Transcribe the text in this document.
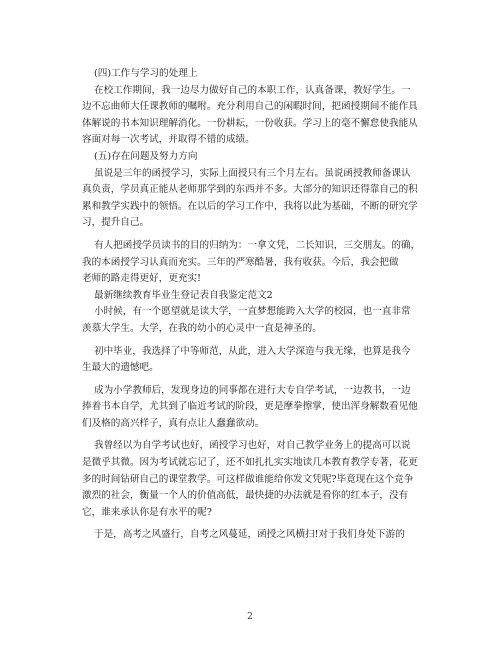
(四)工作与学习的处理上
在校工作期间，我一边尽力做好自己的本职工作，认真备课，教好学生。一
边不忘曲师大任课教师的嘱咐。充分利用自己的闲暇时间，把函授期间不能作具
体解说的书本知识理解消化。一份耕耘，一份收获。学习上的毫不懈怠使我能从
容面对每一次考试，并取得不错的成绩。
(五)存在问题及努力方向
虽说是三年的函授学习，实际上面授只有三个月左右。虽说函授教师备课认
真负责，学员真正能从老师那学到的东西并不多。大部分的知识还得靠自己的积
累和教学实践中的领悟。在以后的学习工作中，我将以此为基础，不断的研究学
习，提升自己。
有人把函授学员读书的目的归纳为：一拿文凭，二长知识，三交朋友。的确，
我的本函授学习认真而充实。三年的严寒酷暑，我有收获。今后，我会把做
老师的路走得更好，更充实!
最新继续教育毕业生登记表自我鉴定范文2
小时候，有一个愿望就是读大学，一直梦想能跨入大学的校园，也一直非常
羡慕大学生。大学，在我的幼小的心灵中一直是神圣的。
初中毕业，我选择了中等师范，从此，进入大学深造与我无缘，也算是我今
生最大的遗憾吧。
成为小学教师后，发现身边的同事都在进行大专自学考试，一边教书，一边
捧着书本自学，尤其到了临近考试的阶段，更是摩拳擦掌，使出浑身解数看见他
们及格的高兴样子，真有点让人蠢蠢欲动。
我曾经以为自学考试也好，函授学习也好，对自己教学业务上的提高可以说
是微乎其微。因为考试就忘记了，还不如扎扎实实地读几本教育教学专著，花更
多的时间钻研自己的课堂教学。可这样做谁能给你发文凭呢?毕竟现在这个竞争
激烈的社会，衡量一个人的价值高低，最快捷的办法就是看你的红本子，没有
它，谁来承认你是有水平的呢?
于是，高考之风盛行，自考之风蔓延，函授之风横扫!对于我们身处下游的
2
